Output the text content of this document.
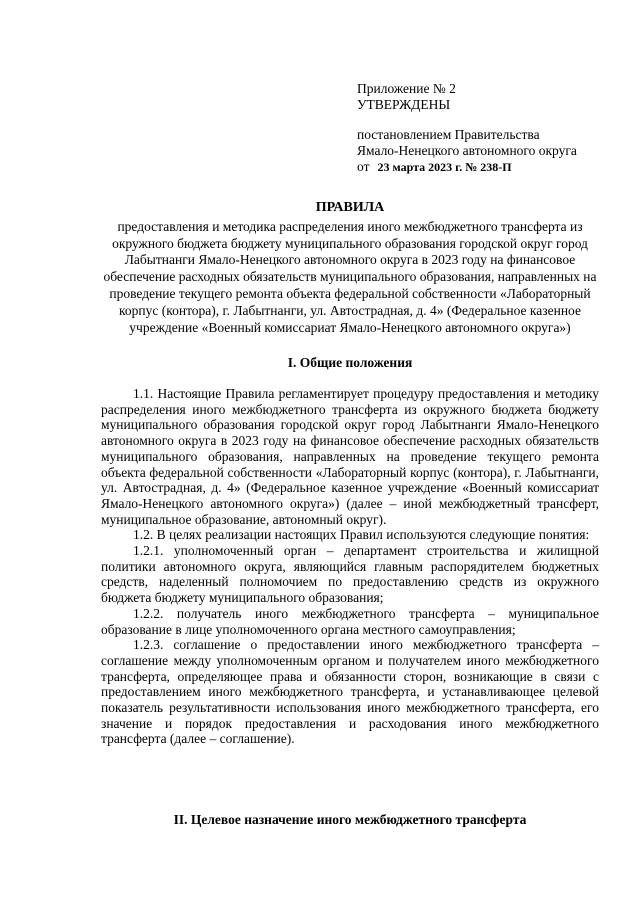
Приложение № 2
УТВЕРЖДЕНЫ
постановлением Правительства
Ямало-Ненецкого автономного округа
от 23 марта 2023 г. № 238-П
ПРАВИЛА
предоставления и методика распределения иного межбюджетного трансферта из окружного бюджета бюджету муниципального образования городской округ город Лабытнанги Ямало-Ненецкого автономного округа в 2023 году на финансовое обеспечение расходных обязательств муниципального образования, направленных на проведение текущего ремонта объекта федеральной собственности «Лабораторный корпус (контора), г. Лабытнанги, ул. Автострадная, д. 4» (Федеральное казенное учреждение «Военный комиссариат Ямало-Ненецкого автономного округа»)
I. Общие положения

1.1. Настоящие Правила регламентирует процедуру предоставления и методику распределения иного межбюджетного трансферта из окружного бюджета бюджету муниципального образования городской округ город Лабытнанги Ямало-Ненецкого автономного округа в 2023 году на финансовое обеспечение расходных обязательств муниципального образования, направленных на проведение текущего ремонта объекта федеральной собственности «Лабораторный корпус (контора), г. Лабытнанги, ул. Автострадная, д. 4» (Федеральное казенное учреждение «Военный комиссариат Ямало-Ненецкого автономного округа») (далее – иной межбюджетный трансферт, муниципальное образование, автономный округ).

1.2. В целях реализации настоящих Правил используются следующие понятия:

1.2.1. уполномоченный орган – департамент строительства и жилищной политики автономного округа, являющийся главным распорядителем бюджетных средств, наделенный полномочием по предоставлению средств из окружного бюджета бюджету муниципального образования;

1.2.2. получатель иного межбюджетного трансферта – муниципальное образование в лице уполномоченного органа местного самоуправления;

1.2.3. соглашение о предоставлении иного межбюджетного трансферта – соглашение между уполномоченным органом и получателем иного межбюджетного трансферта, определяющее права и обязанности сторон, возникающие в связи с предоставлением иного межбюджетного трансферта, и устанавливающее целевой показатель результативности использования иного межбюджетного трансферта, его значение и порядок предоставления и расходования иного межбюджетного трансферта (далее – соглашение).

II. Целевое назначение иного межбюджетного трансферта
